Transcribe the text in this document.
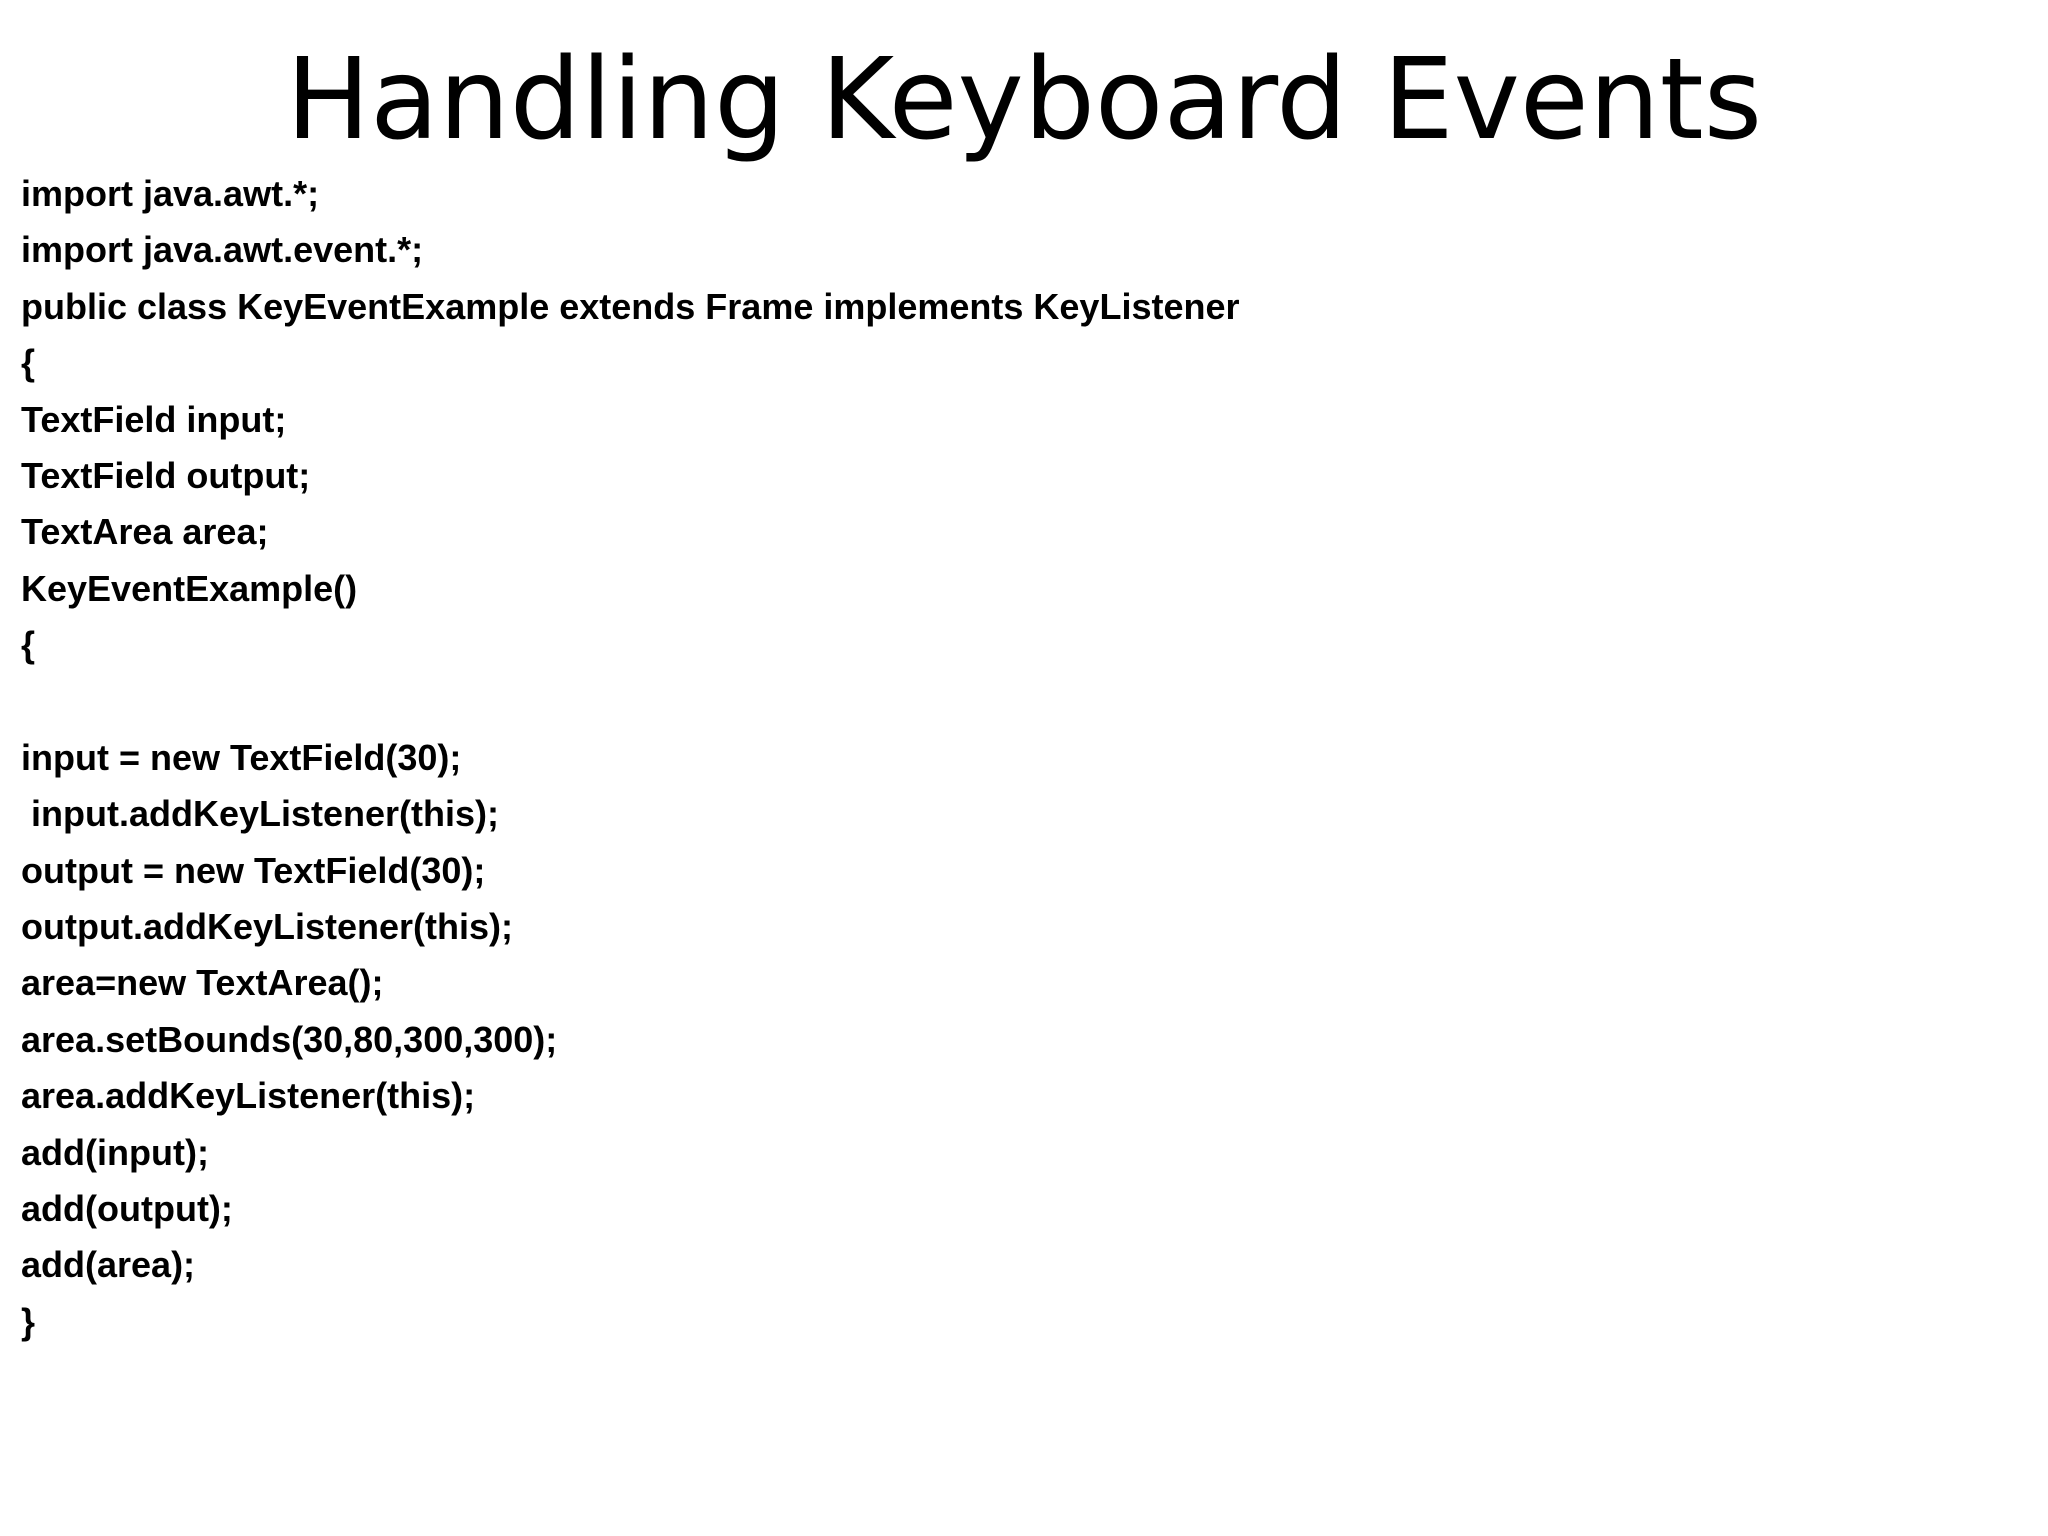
Handling Keyboard Events
import java.awt.*;
import java.awt.event.*;
public class KeyEventExample extends Frame implements KeyListener
{
TextField input;
TextField output;
TextArea area;
KeyEventExample()
{
input = new TextField(30);
input.addKeyListener(this);
output = new TextField(30);
output.addKeyListener(this);
area=new TextArea();
area.setBounds(30,80,300,300);
area.addKeyListener(this);
add(input);
add(output);
add(area);
}
